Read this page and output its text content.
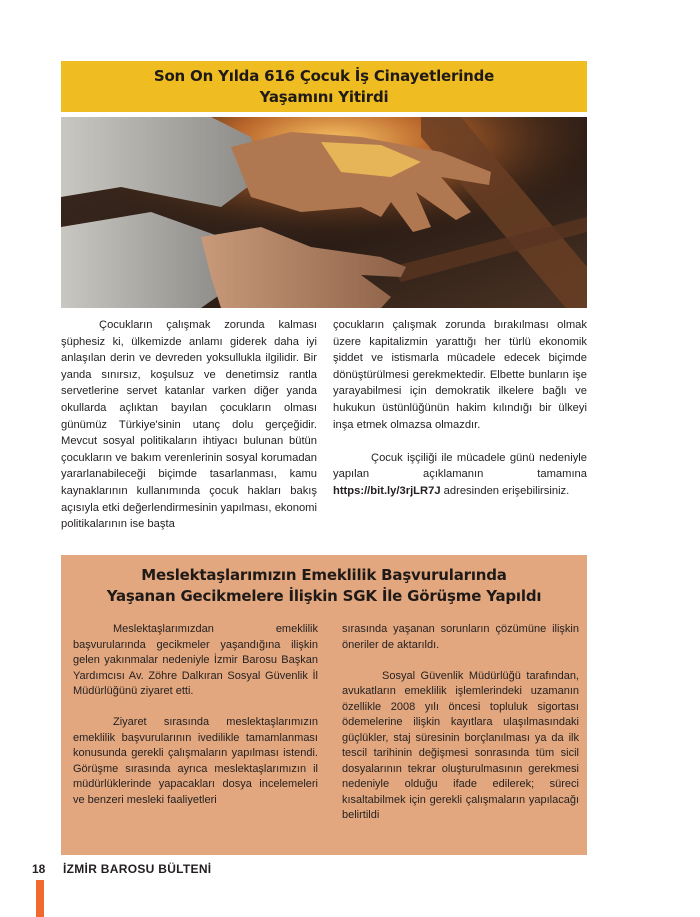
Son On Yılda 616 Çocuk İş Cinayetlerinde
Yaşamını Yitirdi

Çocukların çalışmak zorunda kalması şüphesiz ki, ülkemizde anlamı giderek daha iyi anlaşılan derin ve devreden yoksullukla ilgilidir. Bir yanda sınırsız, koşulsuz ve denetimsiz rantla servetlerine servet katanlar varken diğer yanda okullarda açlıktan bayılan çocukların olması günümüz Türkiye'sinin utanç dolu gerçeğidir. Mevcut sosyal politikaların ihtiyacı bulunan bütün çocukların ve bakım verenlerinin sosyal korumadan yararlanabileceği biçimde tasarlanması, kamu kaynaklarının kullanımında çocuk hakları bakış açısıyla etki değerlendirmesinin yapılması, ekonomi politikalarının ise başta

çocukların çalışmak zorunda bırakılması olmak üzere kapitalizmin yarattığı her türlü ekonomik şiddet ve istismarla mücadele edecek biçimde dönüştürülmesi gerekmektedir. Elbette bunların işe yarayabilmesi için demokratik ilkelere bağlı ve hukukun üstünlüğünün hakim kılındığı bir ülkeyi inşa etmek olmazsa olmazdır.

Çocuk işçiliği ile mücadele günü nedeniyle yapılan açıklamanın tamamına https://bit.ly/3rjLR7J adresinden erişebilirsiniz.

Meslektaşlarımızın Emeklilik Başvurularında
Yaşanan Gecikmelere İlişkin SGK İle Görüşme Yapıldı

Meslektaşlarımızdan emeklilik başvurularında gecikmeler yaşandığına ilişkin gelen yakınmalar nedeniyle İzmir Barosu Başkan Yardımcısı Av. Zöhre Dalkıran Sosyal Güvenlik İl Müdürlüğünü ziyaret etti.

Ziyaret sırasında meslektaşlarımızın emeklilik başvurularının ivedilikle tamamlanması konusunda gerekli çalışmaların yapılması istendi. Görüşme sırasında ayrıca meslektaşlarımızın il müdürlüklerinde yapacakları dosya incelemeleri ve benzeri mesleki faaliyetleri

sırasında yaşanan sorunların çözümüne ilişkin öneriler de aktarıldı.

Sosyal Güvenlik Müdürlüğü tarafından, avukatların emeklilik işlemlerindeki uzamanın özellikle 2008 yılı öncesi topluluk sigortası ödemelerine ilişkin kayıtlara ulaşılmasındaki güçlükler, staj süresinin borçlanılması ya da ilk tescil tarihinin değişmesi sonrasında tüm sicil dosyalarının tekrar oluşturulmasının gerekmesi nedeniyle olduğu ifade edilerek; süreci kısaltabilmek için gerekli çalışmaların yapılacağı belirtildi

18 İZMİR BAROSU BÜLTENİ
